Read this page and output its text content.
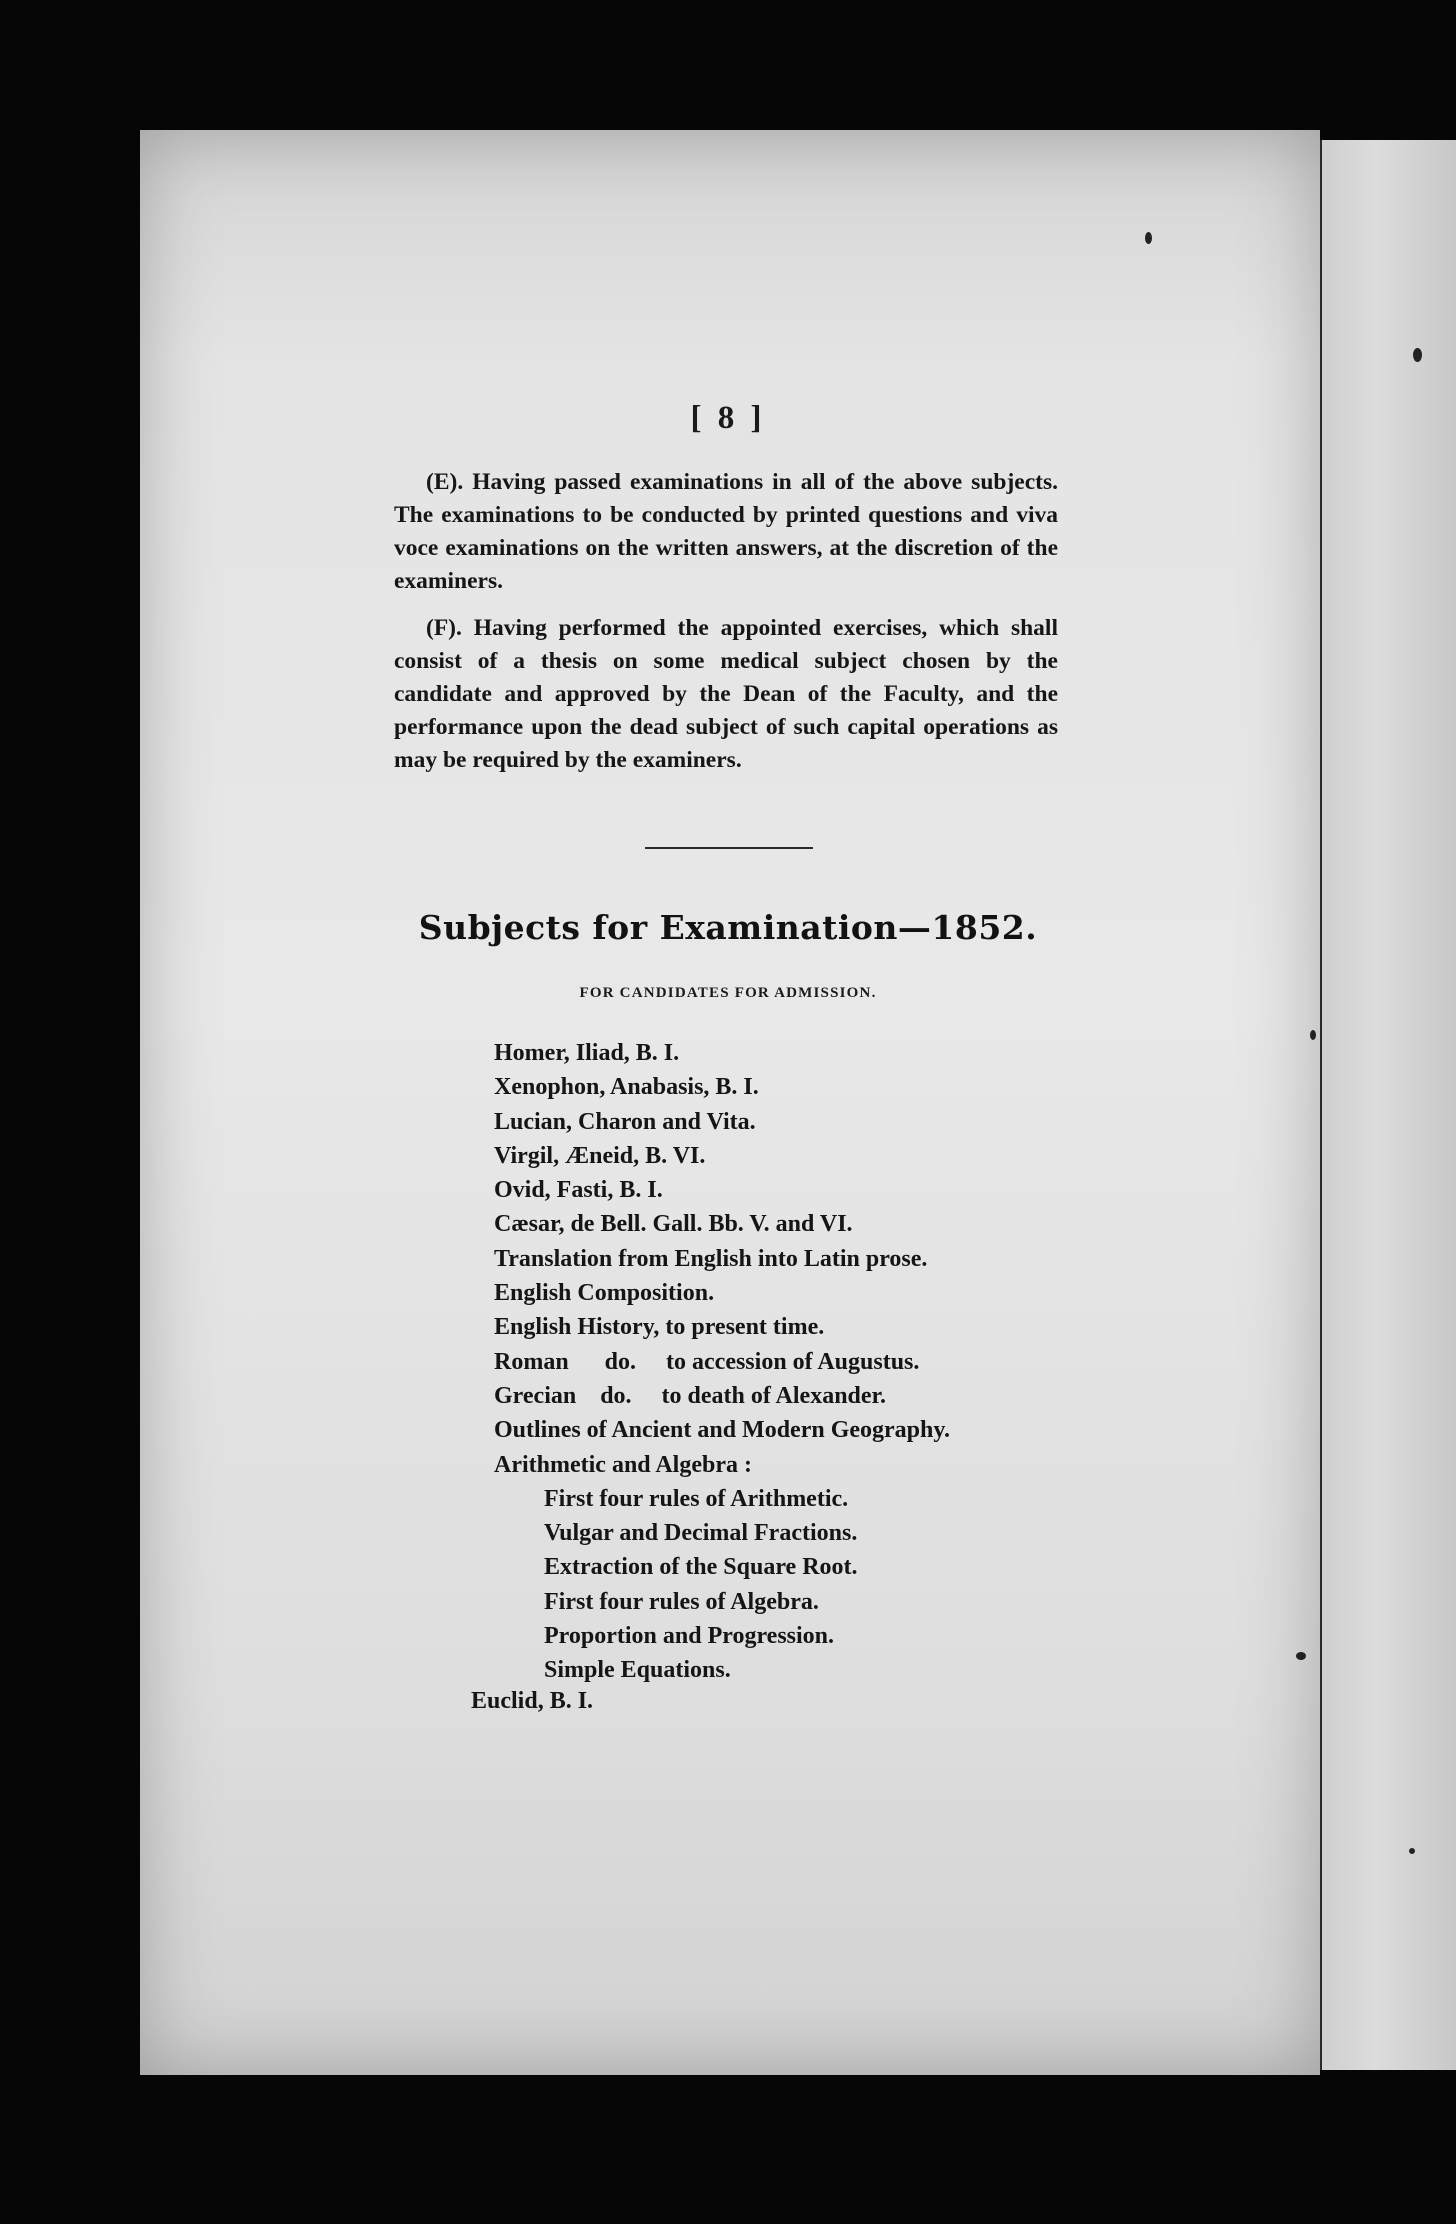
[ 8 ]

(E). Having passed examinations in all of the above subjects. The examinations to be conducted by printed questions and viva voce examinations on the written answers, at the discretion of the examiners.

(F). Having performed the appointed exercises, which shall consist of a thesis on some medical subject chosen by the candidate and approved by the Dean of the Faculty, and the performance upon the dead subject of such capital operations as may be required by the examiners.

Subjects for Examination—1852.
FOR CANDIDATES FOR ADMISSION.
Homer, Iliad, B. I.
Xenophon, Anabasis, B. I.
Lucian, Charon and Vita.
Virgil, Æneid, B. VI.
Ovid, Fasti, B. I.
Cæsar, de Bell. Gall. Bb. V. and VI.
Translation from English into Latin prose.
English Composition.
English History, to present time.
Roman      do.     to accession of Augustus.
Grecian    do.     to death of Alexander.
Outlines of Ancient and Modern Geography.
Arithmetic and Algebra :
First four rules of Arithmetic.
Vulgar and Decimal Fractions.
Extraction of the Square Root.
First four rules of Algebra.
Proportion and Progression.
Simple Equations.
Euclid, B. I.
